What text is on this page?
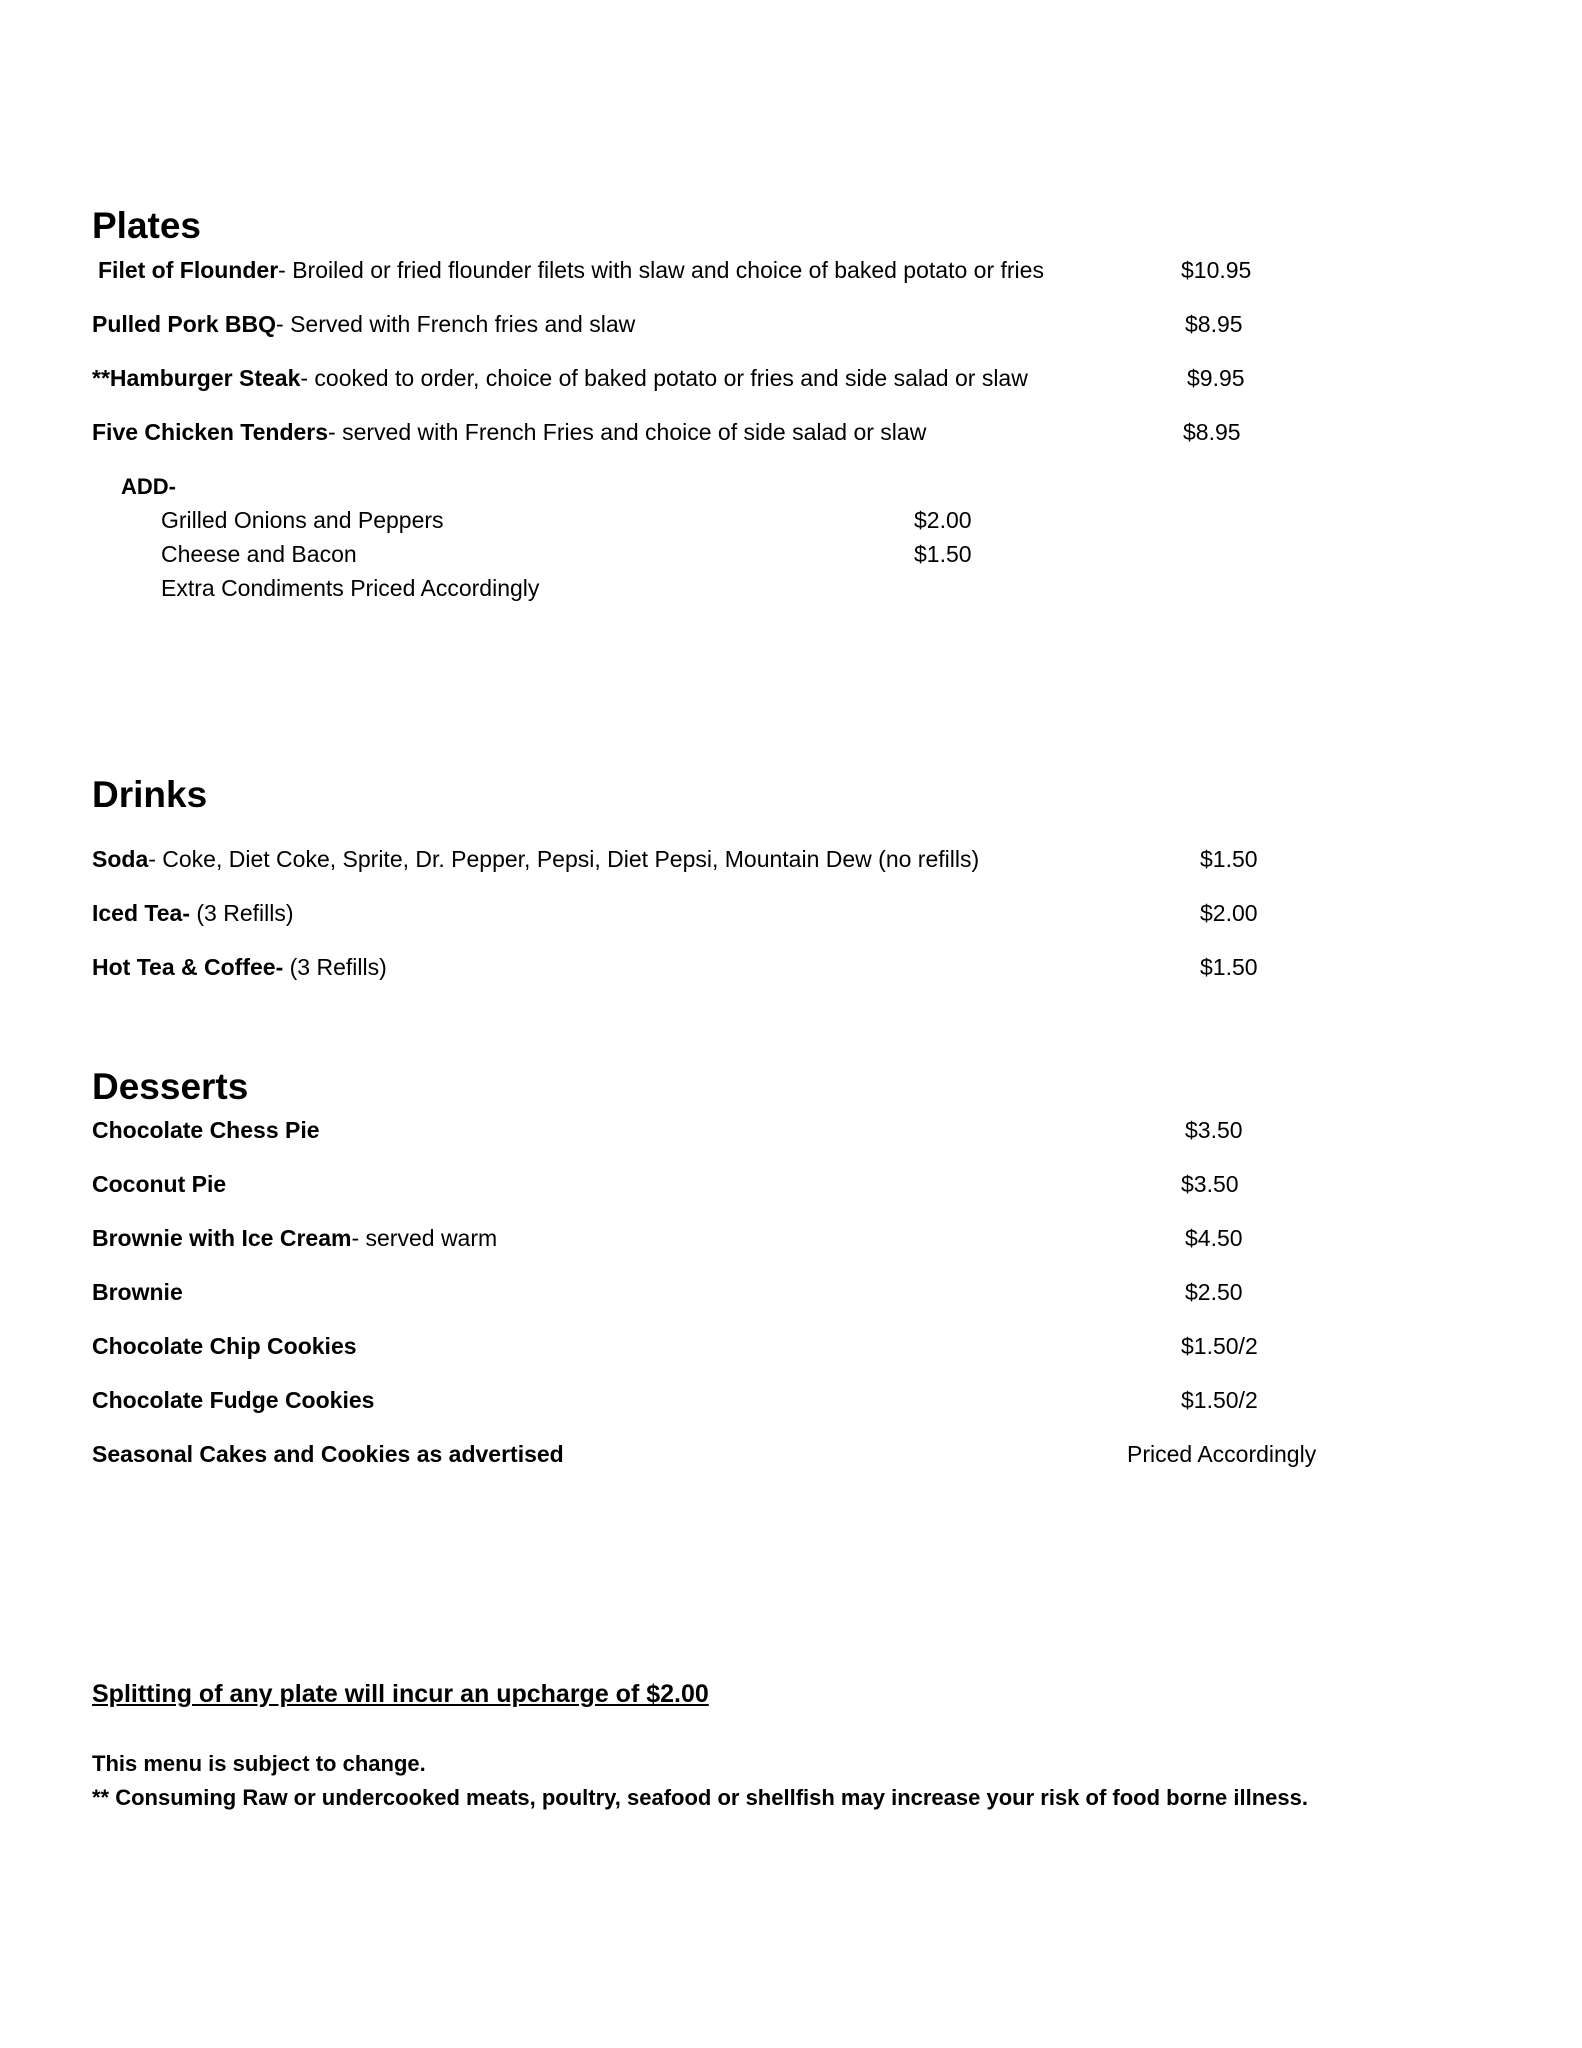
Plates
Filet of Flounder- Broiled or fried flounder filets with slaw and choice of baked potato or fries	$10.95
Pulled Pork BBQ- Served with French fries and slaw	$8.95
**Hamburger Steak- cooked to order, choice of baked potato or fries and side salad or slaw	$9.95
Five Chicken Tenders- served with French Fries and choice of side salad or slaw	$8.95
ADD-
Grilled Onions and Peppers	$2.00
Cheese and Bacon	$1.50
Extra Condiments Priced Accordingly
Drinks
Soda- Coke, Diet Coke, Sprite, Dr. Pepper, Pepsi, Diet Pepsi, Mountain Dew (no refills)	$1.50
Iced Tea- (3 Refills)	$2.00
Hot Tea & Coffee- (3 Refills)	$1.50
Desserts
Chocolate Chess Pie	$3.50
Coconut Pie	$3.50
Brownie with Ice Cream- served warm	$4.50
Brownie	$2.50
Chocolate Chip Cookies	$1.50/2
Chocolate Fudge Cookies	$1.50/2
Seasonal Cakes and Cookies as advertised	Priced Accordingly
Splitting of any plate will incur an upcharge of $2.00
This menu is subject to change.
** Consuming Raw or undercooked meats, poultry, seafood or shellfish may increase your risk of food borne illness.
